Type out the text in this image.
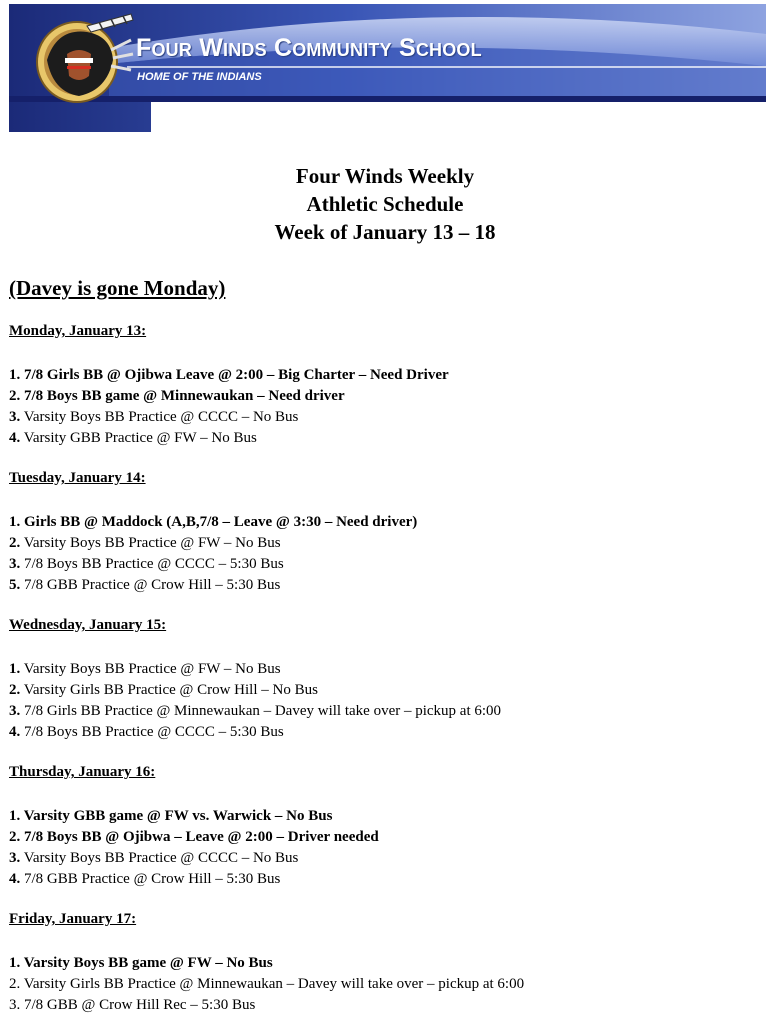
Four Winds Community School
HOME OF THE INDIANS
Four Winds Weekly
Athletic Schedule
Week of January 13 – 18
(Davey is gone Monday)
Monday, January 13:
1. 7/8 Girls BB @ Ojibwa Leave @ 2:00 – Big Charter – Need Driver
2. 7/8 Boys BB game @ Minnewaukan – Need driver
3. Varsity Boys BB Practice @ CCCC – No Bus
4. Varsity GBB Practice @ FW – No Bus
Tuesday, January 14:
1. Girls BB @ Maddock (A,B,7/8 – Leave @ 3:30 – Need driver)
2. Varsity Boys BB Practice @ FW – No Bus
3. 7/8 Boys BB Practice @ CCCC – 5:30 Bus
5. 7/8 GBB Practice @ Crow Hill – 5:30 Bus
Wednesday, January 15:
1. Varsity Boys BB Practice @ FW – No Bus
2. Varsity Girls BB Practice @ Crow Hill – No Bus
3. 7/8 Girls BB Practice @ Minnewaukan – Davey will take over – pickup at 6:00
4. 7/8 Boys BB Practice @ CCCC – 5:30 Bus
Thursday, January 16:
1. Varsity GBB game @ FW vs. Warwick – No Bus
2. 7/8 Boys BB @ Ojibwa – Leave @ 2:00 – Driver needed
3. Varsity Boys BB Practice @ CCCC – No Bus
4. 7/8 GBB Practice @ Crow Hill – 5:30 Bus
Friday, January 17:
1. Varsity Boys BB game @ FW – No Bus
2. Varsity Girls BB Practice @ Minnewaukan – Davey will take over – pickup at 6:00
3. 7/8 GBB @ Crow Hill Rec – 5:30 Bus
